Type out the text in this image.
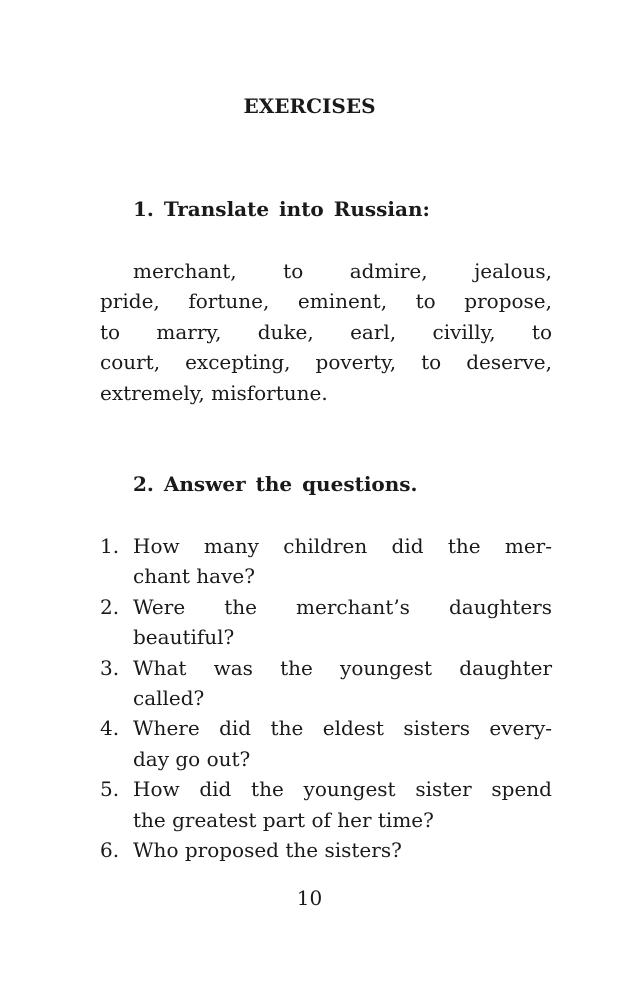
EXERCISES
1. Translate into Russian:
merchant, to admire, jealous,
pride, fortune, eminent, to propose,
to marry, duke, earl, civilly, to
court, excepting, poverty, to deserve,
extremely, misfortune.
2. Answer the questions.
1. How many children did the mer-
chant have?
2. Were the merchant’s daughters
beautiful?
3. What was the youngest daughter
called?
4. Where did the eldest sisters every-
day go out?
5. How did the youngest sister spend
the greatest part of her time?
6. Who proposed the sisters?
10
